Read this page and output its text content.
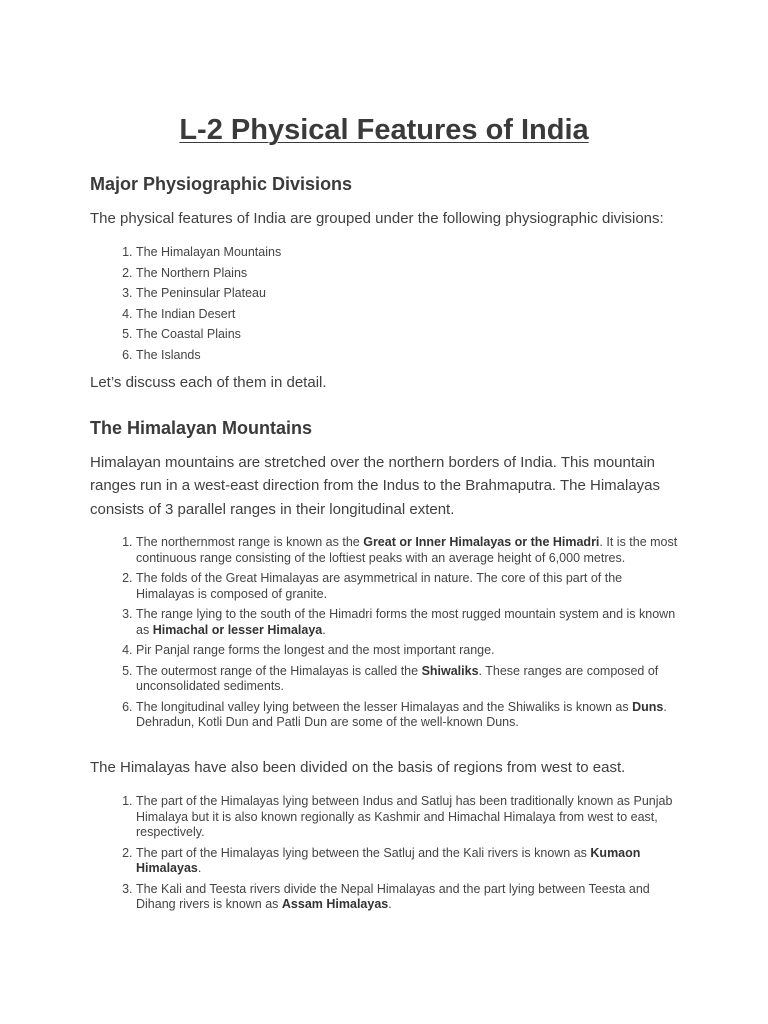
L-2 Physical Features of India
Major Physiographic Divisions

The physical features of India are grouped under the following physiographic divisions:

1. The Himalayan Mountains
2. The Northern Plains
3. The Peninsular Plateau
4. The Indian Desert
5. The Coastal Plains
6. The Islands

Let’s discuss each of them in detail.

The Himalayan Mountains

Himalayan mountains are stretched over the northern borders of India. This mountain ranges run in a west-east direction from the Indus to the Brahmaputra. The Himalayas consists of 3 parallel ranges in their longitudinal extent.

1. The northernmost range is known as the Great or Inner Himalayas or the Himadri. It is the most continuous range consisting of the loftiest peaks with an average height of 6,000 metres.
2. The folds of the Great Himalayas are asymmetrical in nature. The core of this part of the Himalayas is composed of granite.
3. The range lying to the south of the Himadri forms the most rugged mountain system and is known as Himachal or lesser Himalaya.
4. Pir Panjal range forms the longest and the most important range.
5. The outermost range of the Himalayas is called the Shiwaliks. These ranges are composed of unconsolidated sediments.
6. The longitudinal valley lying between the lesser Himalayas and the Shiwaliks is known as Duns. Dehradun, Kotli Dun and Patli Dun are some of the well-known Duns.

The Himalayas have also been divided on the basis of regions from west to east.

1. The part of the Himalayas lying between Indus and Satluj has been traditionally known as Punjab Himalaya but it is also known regionally as Kashmir and Himachal Himalaya from west to east, respectively.
2. The part of the Himalayas lying between the Satluj and the Kali rivers is known as Kumaon Himalayas.
3. The Kali and Teesta rivers divide the Nepal Himalayas and the part lying between Teesta and Dihang rivers is known as Assam Himalayas.
